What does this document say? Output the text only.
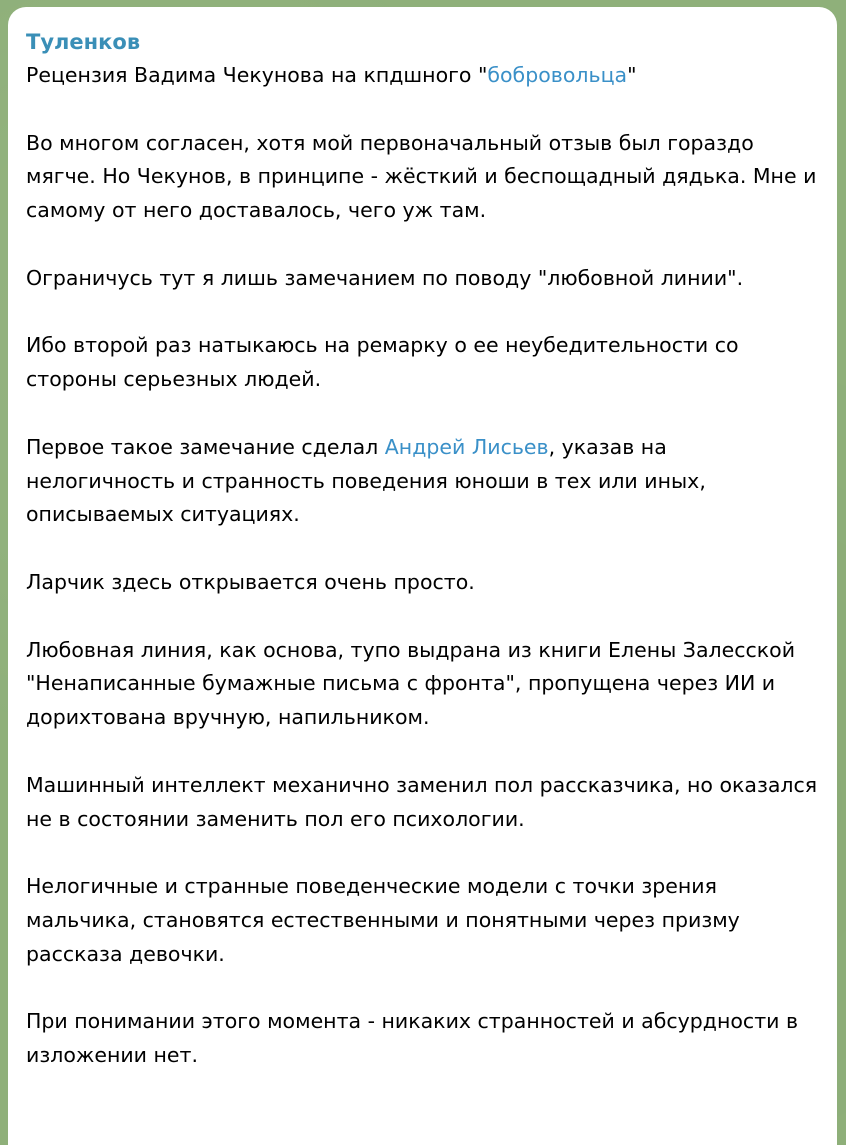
Туленков

Рецензия Вадима Чекунова на кпдшного "бобровольца"

Во многом согласен, хотя мой первоначальный отзыв был гораздо мягче. Но Чекунов, в принципе - жёсткий и беспощадный дядька. Мне и самому от него доставалось, чего уж там.

Ограничусь тут я лишь замечанием по поводу "любовной линии".

Ибо второй раз натыкаюсь на ремарку о ее неубедительности со стороны серьезных людей.

Первое такое замечание сделал Андрей Лисьев, указав на нелогичность и странность поведения юноши в тех или иных, описываемых ситуациях.

Ларчик здесь открывается очень просто.

Любовная линия, как основа, тупо выдрана из книги Елены Залесской "Ненаписанные бумажные письма с фронта", пропущена через ИИ и дорихтована вручную, напильником.

Машинный интеллект механично заменил пол рассказчика, но оказался не в состоянии заменить пол его психологии.

Нелогичные и странные поведенческие модели с точки зрения мальчика, становятся естественными и понятными через призму рассказа девочки.

При понимании этого момента - никаких странностей и абсурдности в изложении нет.
